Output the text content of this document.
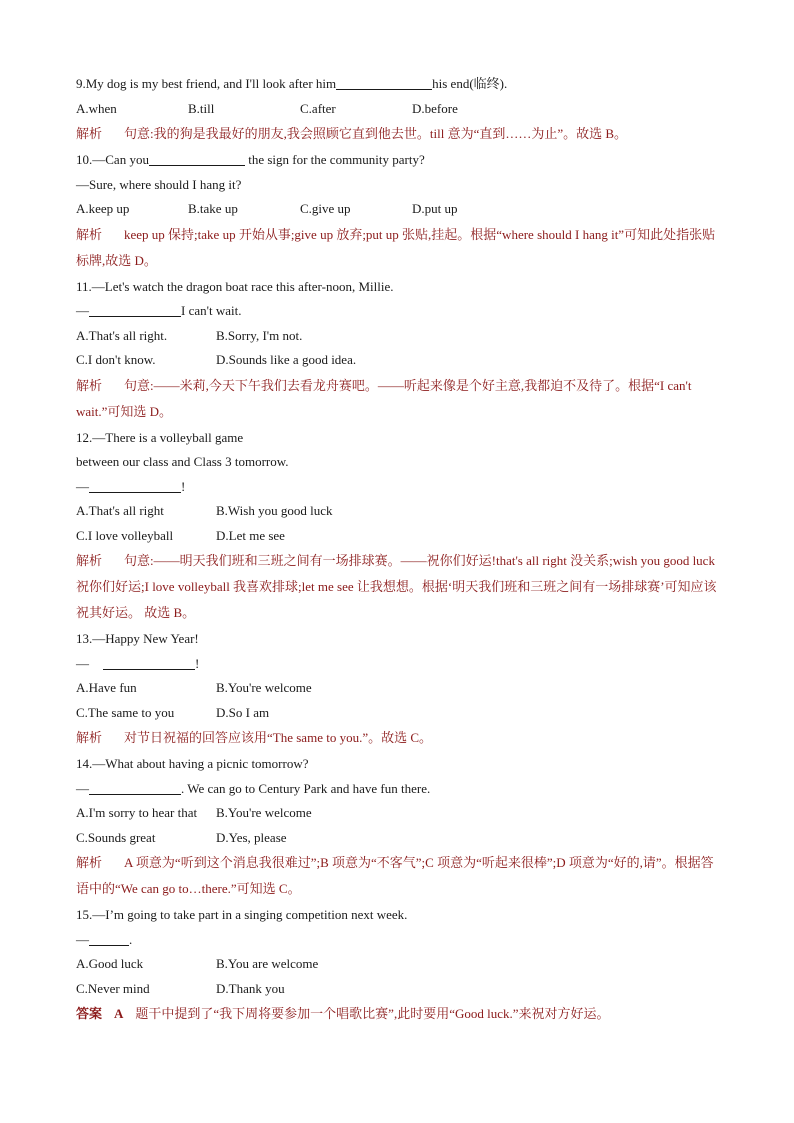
9.My dog is my best friend, and I'll look after him	his end(临终).
A.when	B.till	C.after	D.before
解析 句意:我的狗是我最好的朋友,我会照顾它直到他去世。till 意为“直到……为止”。故选 B。
10.—Can you	the sign for the community party?
—Sure, where should I hang it?
A.keep up	B.take up	C.give up	D.put up
解析 keep up 保持;take up 开始从事;give up 放弃;put up 张贴,挂起。根据“where should I hang it”可知此处指张贴标牌,故选 D。
11.—Let's watch the dragon boat race this after-noon, Millie.
—	I can't wait.
A.That's all right.	B.Sorry, I'm not.
C.I don't know.	D.Sounds like a good idea.
解析 句意:——米莉,今天下午我们去看龙舟赛吧。——听起来像是个好主意,我都迫不及待了。根据“I can't wait.”可知选 D。
12.—There is a volleyball game
between our class and Class 3 tomorrow.
—	!
A.That's all right	B.Wish you good luck
C.I love volleyball	D.Let me see
解析 句意:——明天我们班和三班之间有一场排球赛。——祝你们好运!that's all right 没关系;wish you good luck 祝你们好运;I love volleyball 我喜欢排球;let me see 让我想想。根据‘明天我们班和三班之间有一场排球赛’可知应该祝其好运。 故选 B。
13.—Happy New Year!
—	!
A.Have fun	B.You're welcome
C.The same to you	D.So I am
解析 对节日祝福的回答应该用“The same to you.”。故选 C。
14.—What about having a picnic tomorrow?
—	. We can go to Century Park and have fun there.
A.I'm sorry to hear that	B.You're welcome
C.Sounds great	D.Yes, please
解析 A 项意为“听到这个消息我很难过”;B 项意为“不客气”;C 项意为“听起来很棒”;D 项意为“好的,请”。根据答语中的“We can go to…there.”可知选 C。
15.—I’m going to take part in a singing competition next week.
—	.
A.Good luck	B.You are welcome
C.Never mind	D.Thank you
答案 A 题干中提到了“我下周将要参加一个唱歌比赛”,此时要用“Good luck.”来祝对方好运。
